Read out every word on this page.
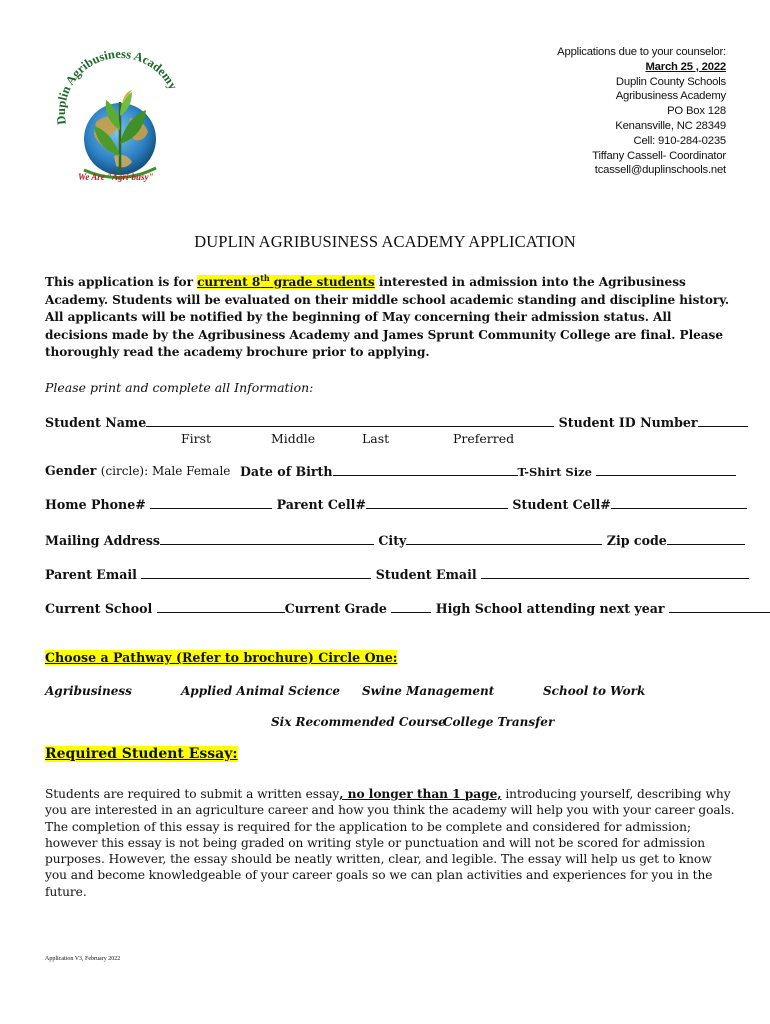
Duplin Agribusiness Academy
We Are "Agri-busy"
Applications due to your counselor:
March 25 , 2022
Duplin County Schools
Agribusiness Academy
PO Box 128
Kenansville, NC 28349
Cell: 910-284-0235
Tiffany Cassell- Coordinator
tcassell@duplinschools.net
DUPLIN AGRIBUSINESS ACADEMY APPLICATION
This application is for current 8th grade students interested in admission into the Agribusiness Academy. Students will be evaluated on their middle school academic standing and discipline history. All applicants will be notified by the beginning of May concerning their admission status. All decisions made by the Agribusiness Academy and James Sprunt Community College are final. Please thoroughly read the academy brochure prior to applying.
Please print and complete all Information:
Student Name	Student ID Number
First	Middle	Last	Preferred
Gender (circle): Male Female Date of Birth	T-Shirt Size
Home Phone#	Parent Cell#	Student Cell#
Mailing Address	City	Zip code
Parent Email	Student Email
Current School	Current Grade	High School attending next year
Choose a Pathway (Refer to brochure) Circle One:
Agribusiness	Applied Animal Science Swine Management	School to Work
Six Recommended Course
College Transfer
Required Student Essay:
Students are required to submit a written essay, no longer than 1 page, introducing yourself, describing why you are interested in an agriculture career and how you think the academy will help you with your career goals. The completion of this essay is required for the application to be complete and considered for admission; however this essay is not being graded on writing style or punctuation and will not be scored for admission purposes. However, the essay should be neatly written, clear, and legible. The essay will help us get to know you and become knowledgeable of your career goals so we can plan activities and experiences for you in the future.
Application V3, February 2022
